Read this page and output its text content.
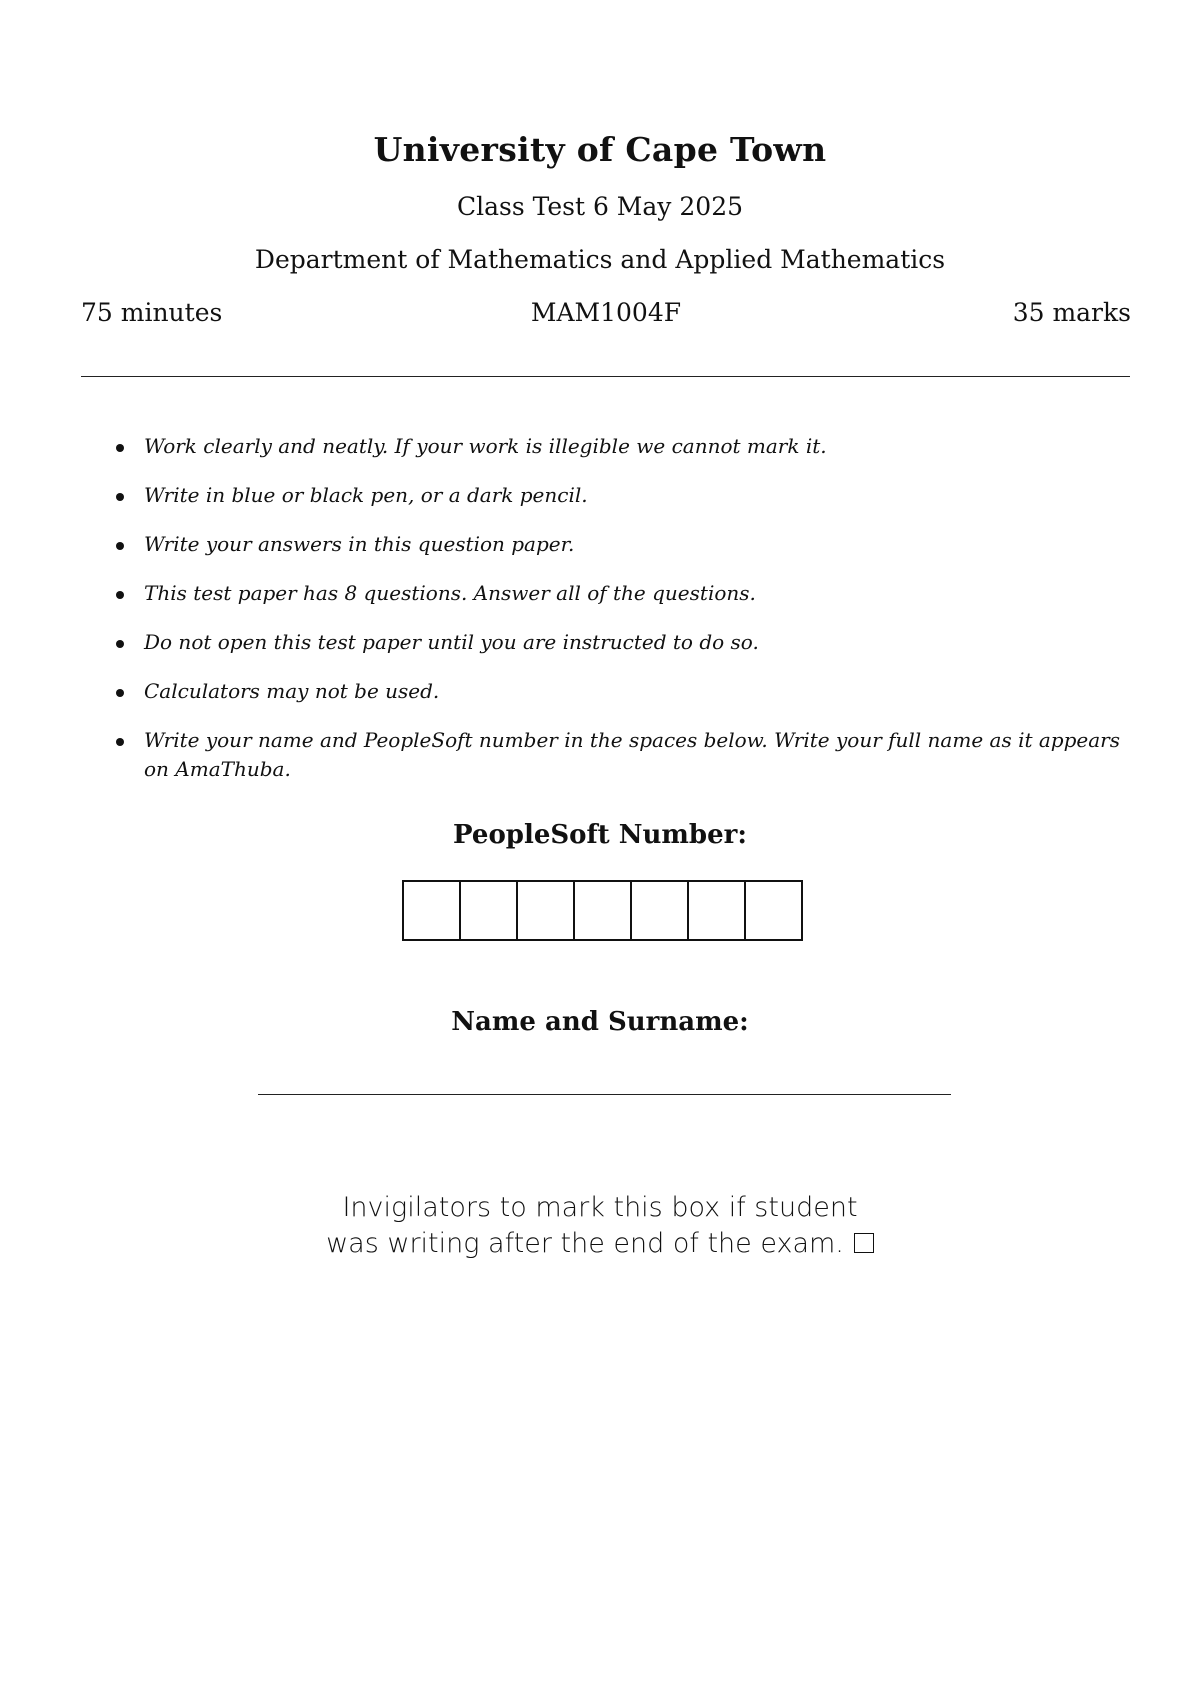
University of Cape Town
Class Test 6 May 2025
Department of Mathematics and Applied Mathematics
75 minutes	MAM1004F	35 marks
Work clearly and neatly. If your work is illegible we cannot mark it.
Write in blue or black pen, or a dark pencil.
Write your answers in this question paper.
This test paper has 8 questions. Answer all of the questions.
Do not open this test paper until you are instructed to do so.
Calculators may not be used.
Write your name and PeopleSoft number in the spaces below. Write your full name as it appears on AmaThuba.
PeopleSoft Number:
Name and Surname:
Invigilators to mark this box if student
was writing after the end of the exam.
